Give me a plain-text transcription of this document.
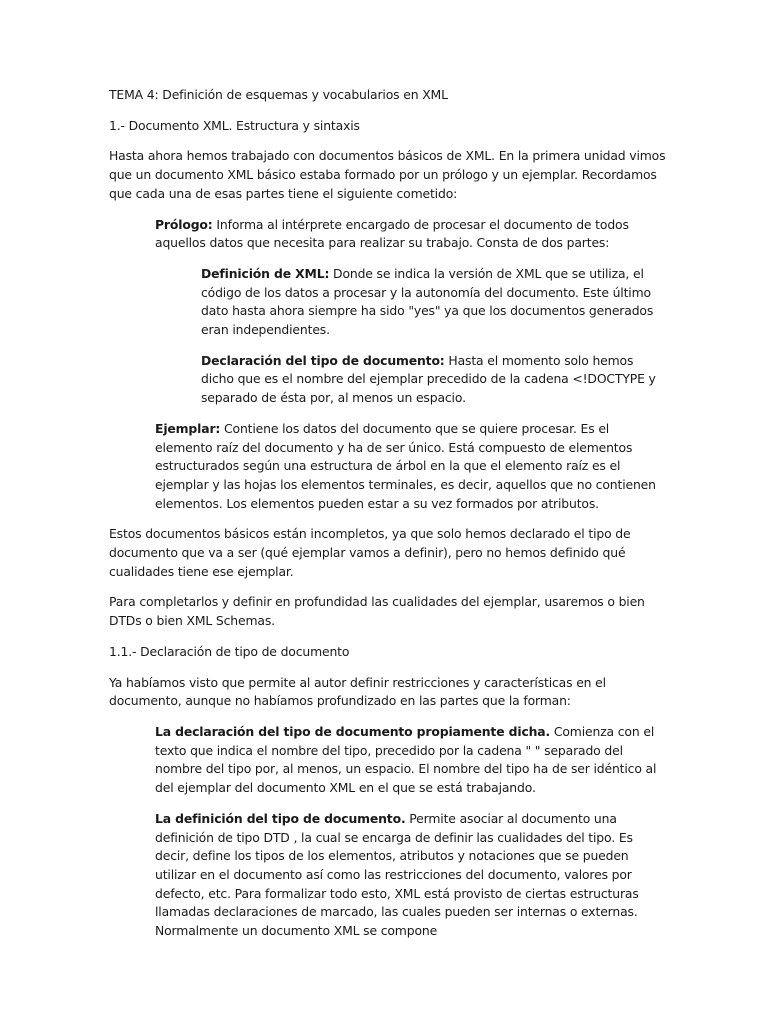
TEMA 4: Definición de esquemas y vocabularios en XML

1.- Documento XML. Estructura y sintaxis

Hasta ahora hemos trabajado con documentos básicos de XML. En la primera unidad vimos que un documento XML básico estaba formado por un prólogo y un ejemplar. Recordamos que cada una de esas partes tiene el siguiente cometido:

Prólogo: Informa al intérprete encargado de procesar el documento de todos aquellos datos que necesita para realizar su trabajo. Consta de dos partes:

Definición de XML: Donde se indica la versión de XML que se utiliza, el código de los datos a procesar y la autonomía del documento. Este último dato hasta ahora siempre ha sido "yes" ya que los documentos generados eran independientes.

Declaración del tipo de documento: Hasta el momento solo hemos dicho que es el nombre del ejemplar precedido de la cadena <!DOCTYPE y separado de ésta por, al menos un espacio.

Ejemplar: Contiene los datos del documento que se quiere procesar. Es el elemento raíz del documento y ha de ser único. Está compuesto de elementos estructurados según una estructura de árbol en la que el elemento raíz es el ejemplar y las hojas los elementos terminales, es decir, aquellos que no contienen elementos. Los elementos pueden estar a su vez formados por atributos.

Estos documentos básicos están incompletos, ya que solo hemos declarado el tipo de documento que va a ser (qué ejemplar vamos a definir), pero no hemos definido qué cualidades tiene ese ejemplar.

Para completarlos y definir en profundidad las cualidades del ejemplar, usaremos o bien DTDs o bien XML Schemas.

1.1.- Declaración de tipo de documento

Ya habíamos visto que permite al autor definir restricciones y características en el documento, aunque no habíamos profundizado en las partes que la forman:

La declaración del tipo de documento propiamente dicha. Comienza con el texto que indica el nombre del tipo, precedido por la cadena " " separado del nombre del tipo por, al menos, un espacio. El nombre del tipo ha de ser idéntico al del ejemplar del documento XML en el que se está trabajando.

La definición del tipo de documento. Permite asociar al documento una definición de tipo DTD , la cual se encarga de definir las cualidades del tipo. Es decir, define los tipos de los elementos, atributos y notaciones que se pueden utilizar en el documento así como las restricciones del documento, valores por defecto, etc. Para formalizar todo esto, XML está provisto de ciertas estructuras llamadas declaraciones de marcado, las cuales pueden ser internas o externas. Normalmente un documento XML se compone
